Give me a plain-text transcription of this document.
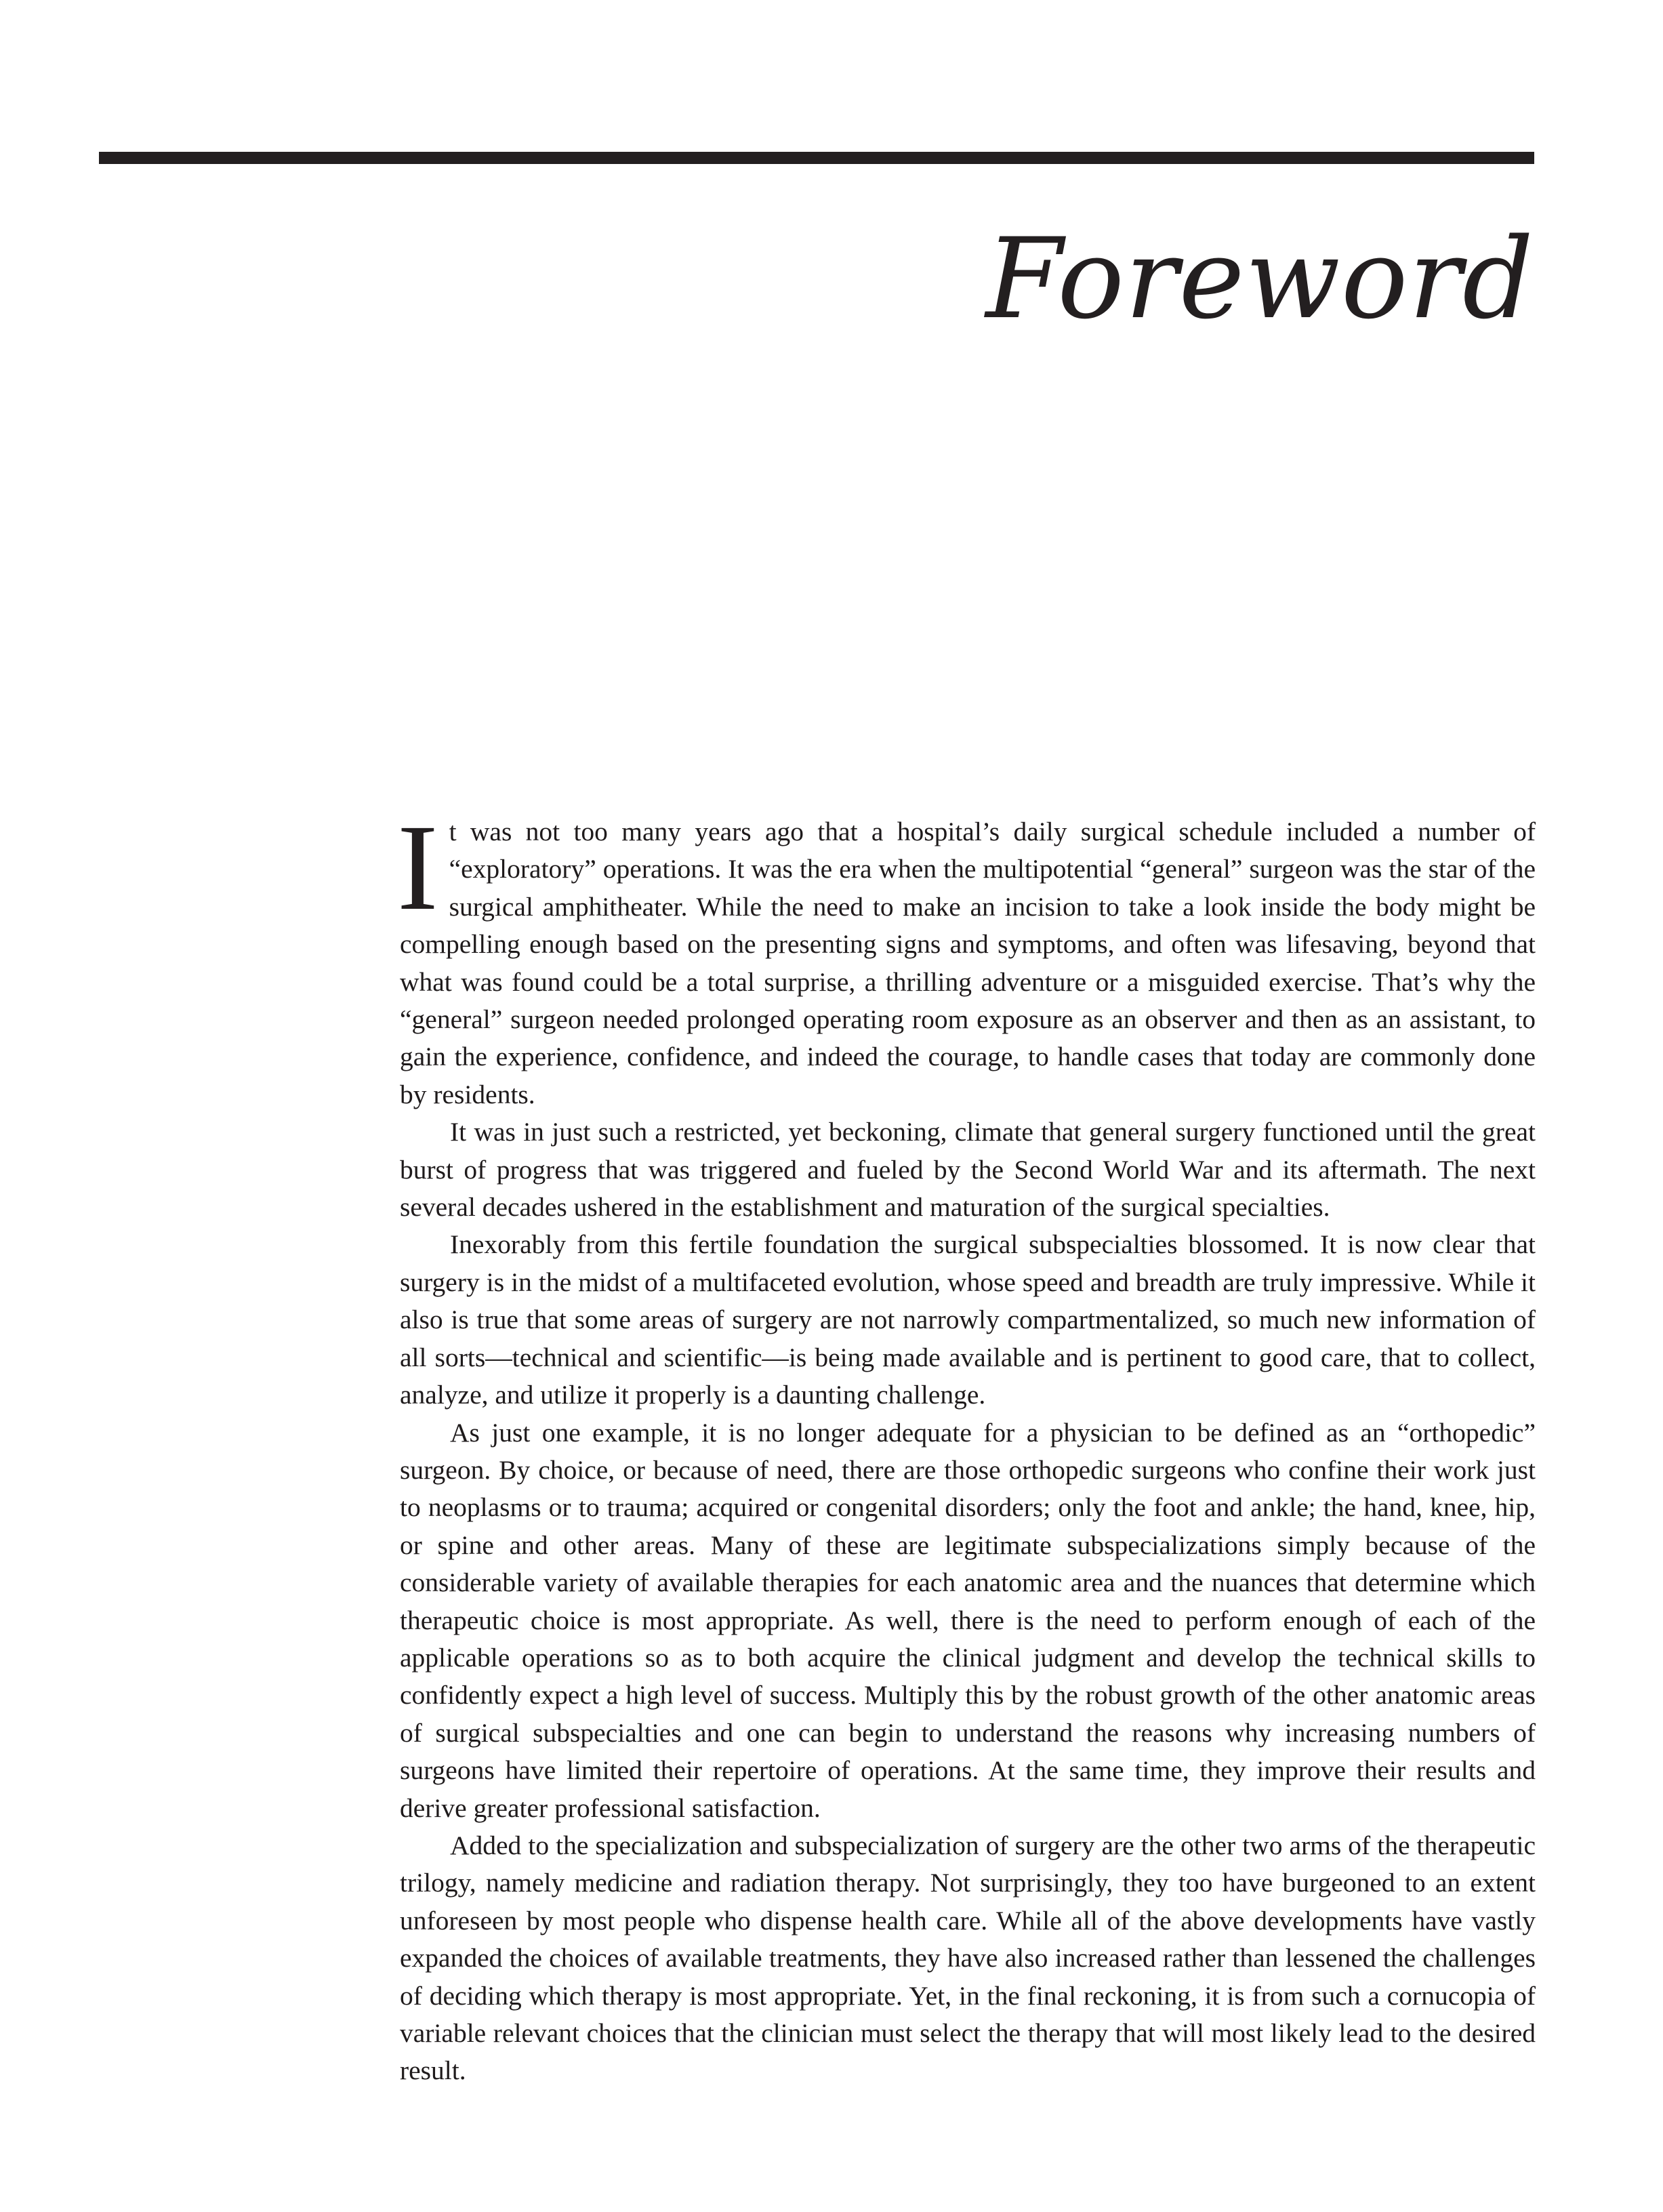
Foreword

It was not too many years ago that a hospital’s daily surgical schedule included a number of “exploratory” operations. It was the era when the multipotential “general” surgeon was the star of the surgical amphitheater. While the need to make an incision to take a look inside the body might be compelling enough based on the presenting signs and symptoms, and often was lifesaving, beyond that what was found could be a total surprise, a thrilling adventure or a misguided exercise. That’s why the “general” surgeon needed prolonged operating room exposure as an observer and then as an assistant, to gain the experience, confidence, and indeed the courage, to handle cases that today are commonly done by residents.

It was in just such a restricted, yet beckoning, climate that general surgery functioned until the great burst of progress that was triggered and fueled by the Second World War and its aftermath. The next several decades ushered in the establishment and maturation of the surgical specialties.

Inexorably from this fertile foundation the surgical subspecialties blossomed. It is now clear that surgery is in the midst of a multifaceted evolution, whose speed and breadth are truly impressive. While it also is true that some areas of surgery are not narrowly compartmentalized, so much new information of all sorts—technical and scientific—is being made available and is pertinent to good care, that to collect, analyze, and utilize it properly is a daunting challenge.

As just one example, it is no longer adequate for a physician to be defined as an “orthopedic” surgeon. By choice, or because of need, there are those orthopedic surgeons who confine their work just to neoplasms or to trauma; acquired or congenital disorders; only the foot and ankle; the hand, knee, hip, or spine and other areas. Many of these are legitimate subspecializations simply because of the considerable variety of available therapies for each anatomic area and the nuances that determine which therapeutic choice is most appropriate. As well, there is the need to perform enough of each of the applicable operations so as to both acquire the clinical judgment and develop the technical skills to confidently expect a high level of success. Multiply this by the robust growth of the other anatomic areas of surgical subspecialties and one can begin to understand the reasons why increasing numbers of surgeons have limited their repertoire of operations. At the same time, they improve their results and derive greater professional satisfaction.

Added to the specialization and subspecialization of surgery are the other two arms of the therapeutic trilogy, namely medicine and radiation therapy. Not surprisingly, they too have burgeoned to an extent unforeseen by most people who dispense health care. While all of the above developments have vastly expanded the choices of available treatments, they have also increased rather than lessened the challenges of deciding which therapy is most appropriate. Yet, in the final reckoning, it is from such a cornucopia of variable relevant choices that the clinician must select the therapy that will most likely lead to the desired result.
